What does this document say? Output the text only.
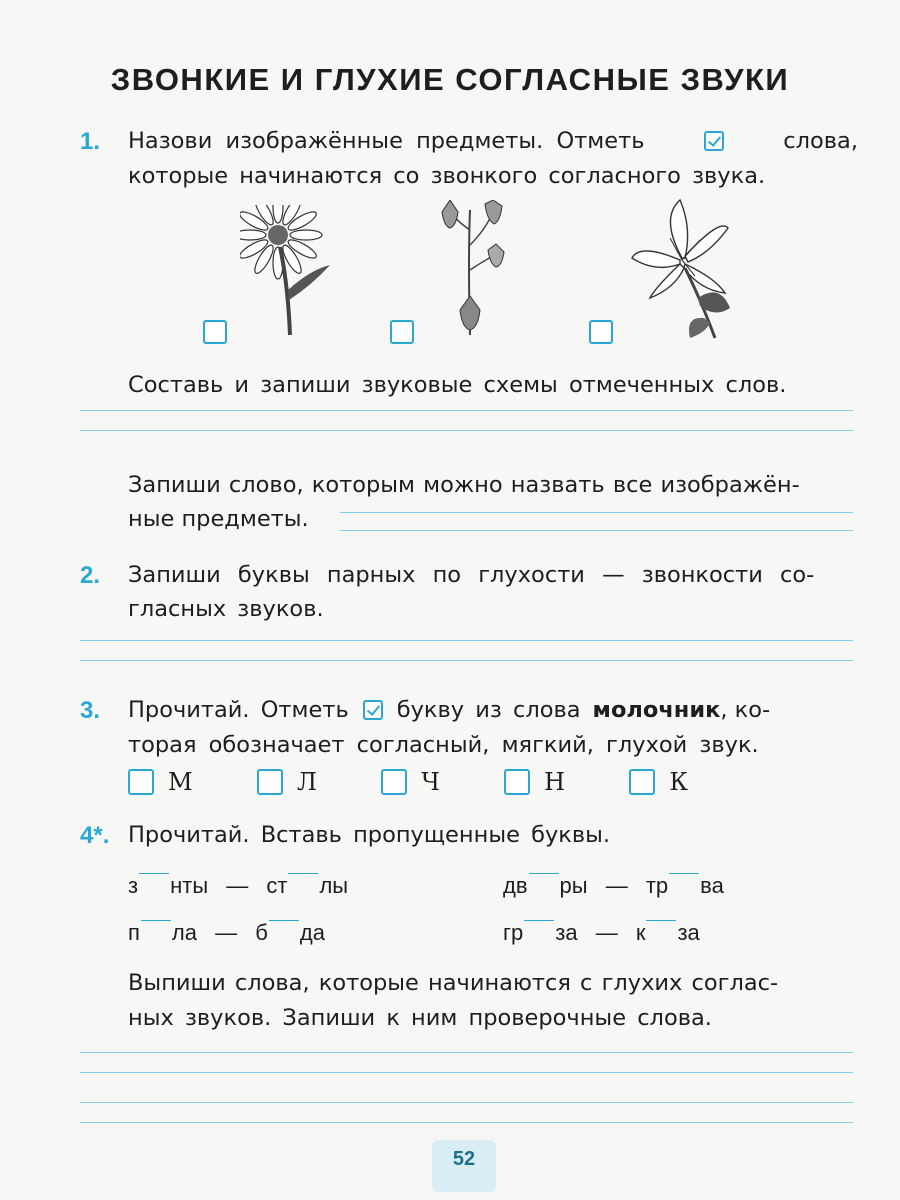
ЗВОНКИЕ И ГЛУХИЕ СОГЛАСНЫЕ ЗВУКИ
1. Назови изображённые предметы. Отметь	слова,
которые начинаются со звонкого согласного звука.
Составь и запиши звуковые схемы отмеченных слов.
Запиши слово, которым можно назвать все изображён-
ные предметы.
2. Запиши буквы парных по глухости — звонкости со-
гласных звуков.
3. Прочитай. Отметь букву из слова молочник , ко-
торая обозначает согласный, мягкий, глухой звук.
М	Л	Ч	Н	К
4*. Прочитай. Вставь пропущенные буквы.
з нты — ст лы	дв ры — тр ва
п ла — б да	гр за — к за
Выпиши слова, которые начинаются с глухих соглас-
ных звуков. Запиши к ним проверочные слова.
52
